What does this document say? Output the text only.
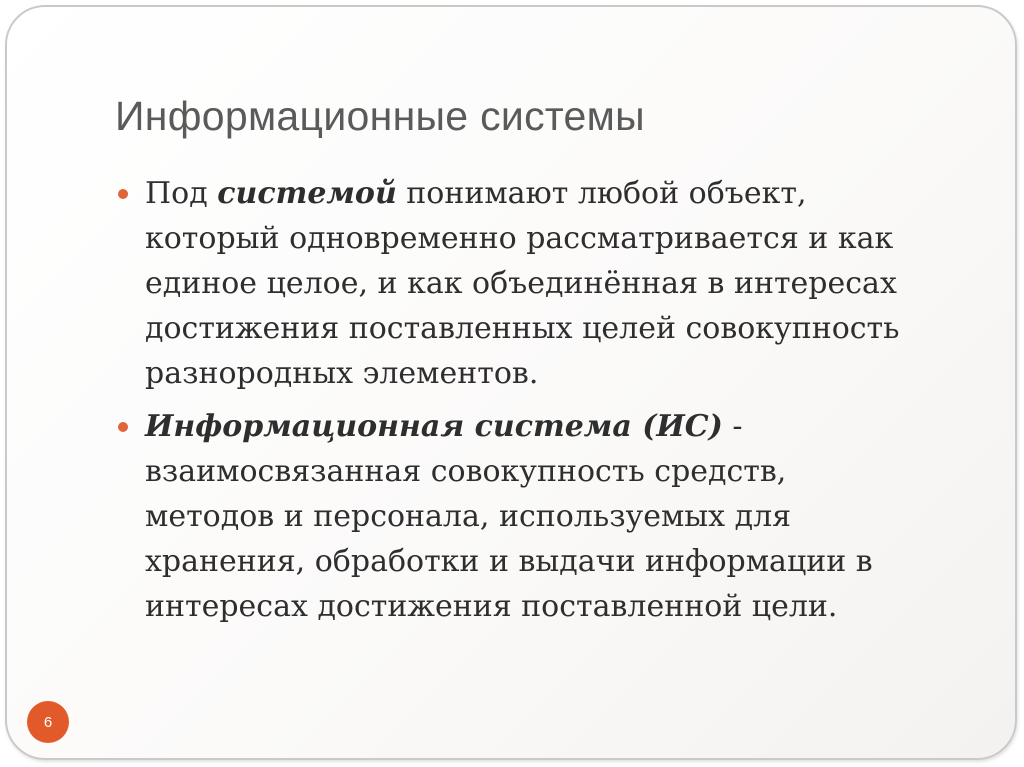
Информационные системы
Под системой понимают любой объект,
который одновременно рассматривается и как
единое целое, и как объединённая в интересах
достижения поставленных целей совокупность
разнородных элементов.
Информационная система (ИС) -
взаимосвязанная совокупность средств,
методов и персонала, используемых для
хранения, обработки и выдачи информации в
интересах достижения поставленной цели.
6
